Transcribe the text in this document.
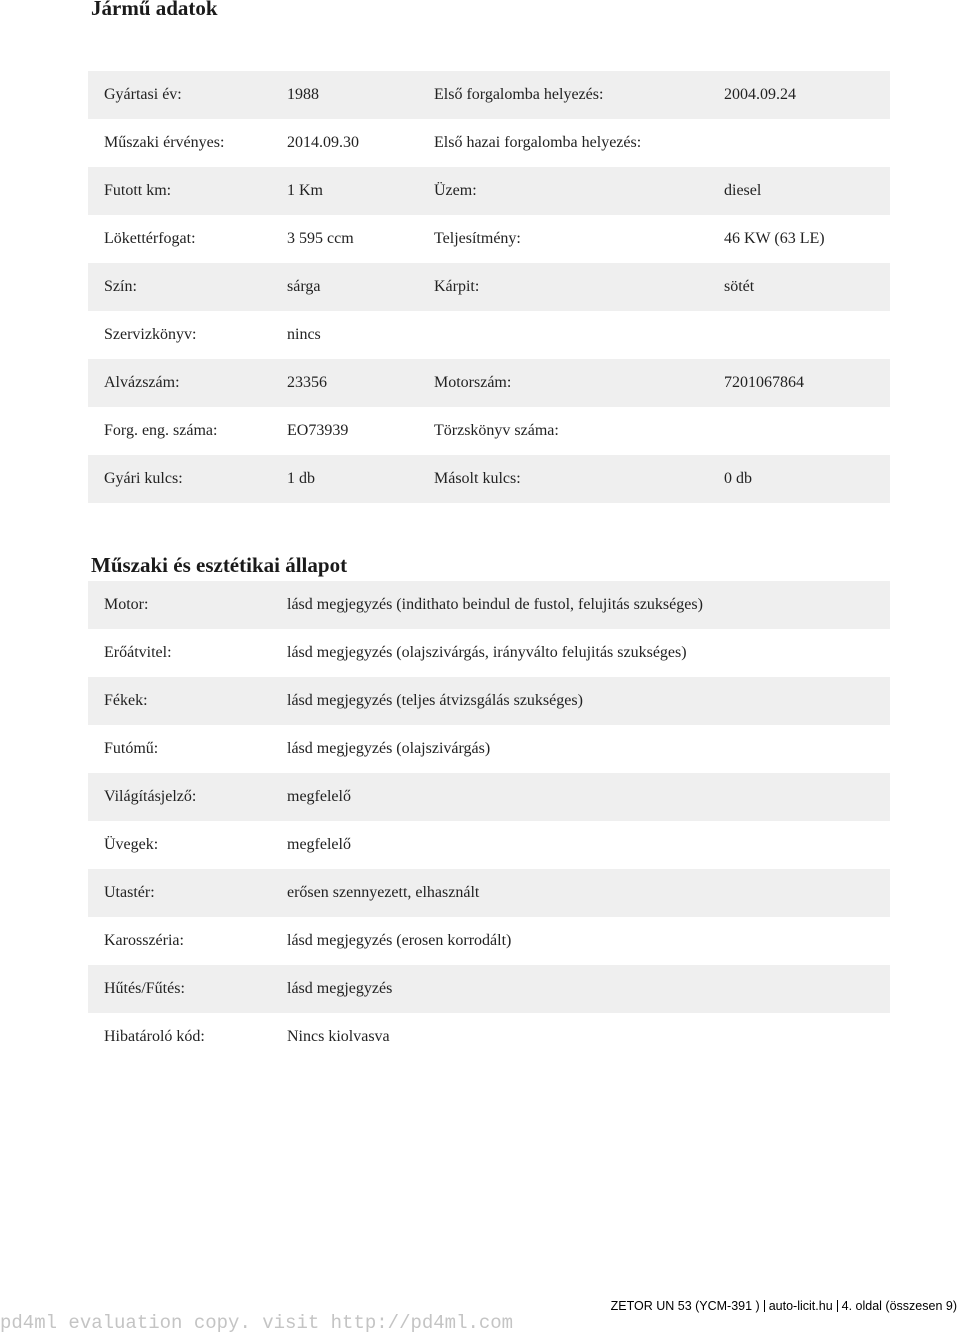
Jármű adatok
Gyártasi év:	1988	Első forgalomba helyezés:	2004.09.24
Műszaki érvényes:	2014.09.30	Első hazai forgalomba helyezés:
Futott km:	1 Km	Üzem:	diesel
Lökettérfogat:	3 595 ccm	Teljesítmény:	46 KW (63 LE)
Szín:	sárga	Kárpit:	sötét
Szervizkönyv:	nincs
Alvázszám:	23356	Motorszám:	7201067864
Forg. eng. száma:	EO73939	Törzskönyv száma:
Gyári kulcs:	1 db	Másolt kulcs:	0 db
Műszaki és esztétikai állapot
Motor:	lásd megjegyzés (indithato beindul de fustol, felujitás szukséges)
Erőátvitel:	lásd megjegyzés (olajszivárgás, irányválto felujitás szukséges)
Fékek:	lásd megjegyzés (teljes átvizsgálás szukséges)
Futómű:	lásd megjegyzés (olajszivárgás)
Világításjelző:	megfelelő
Üvegek:	megfelelő
Utastér:	erősen szennyezett, elhasznált
Karosszéria:	lásd megjegyzés (erosen korrodált)
Hűtés/Fűtés:	lásd megjegyzés
Hibatároló kód:	Nincs kiolvasva
ZETOR UN 53 (YCM-391 ) auto-licit.hu 4. oldal (összesen 9)
pd4ml evaluation copy. visit http://pd4ml.com
